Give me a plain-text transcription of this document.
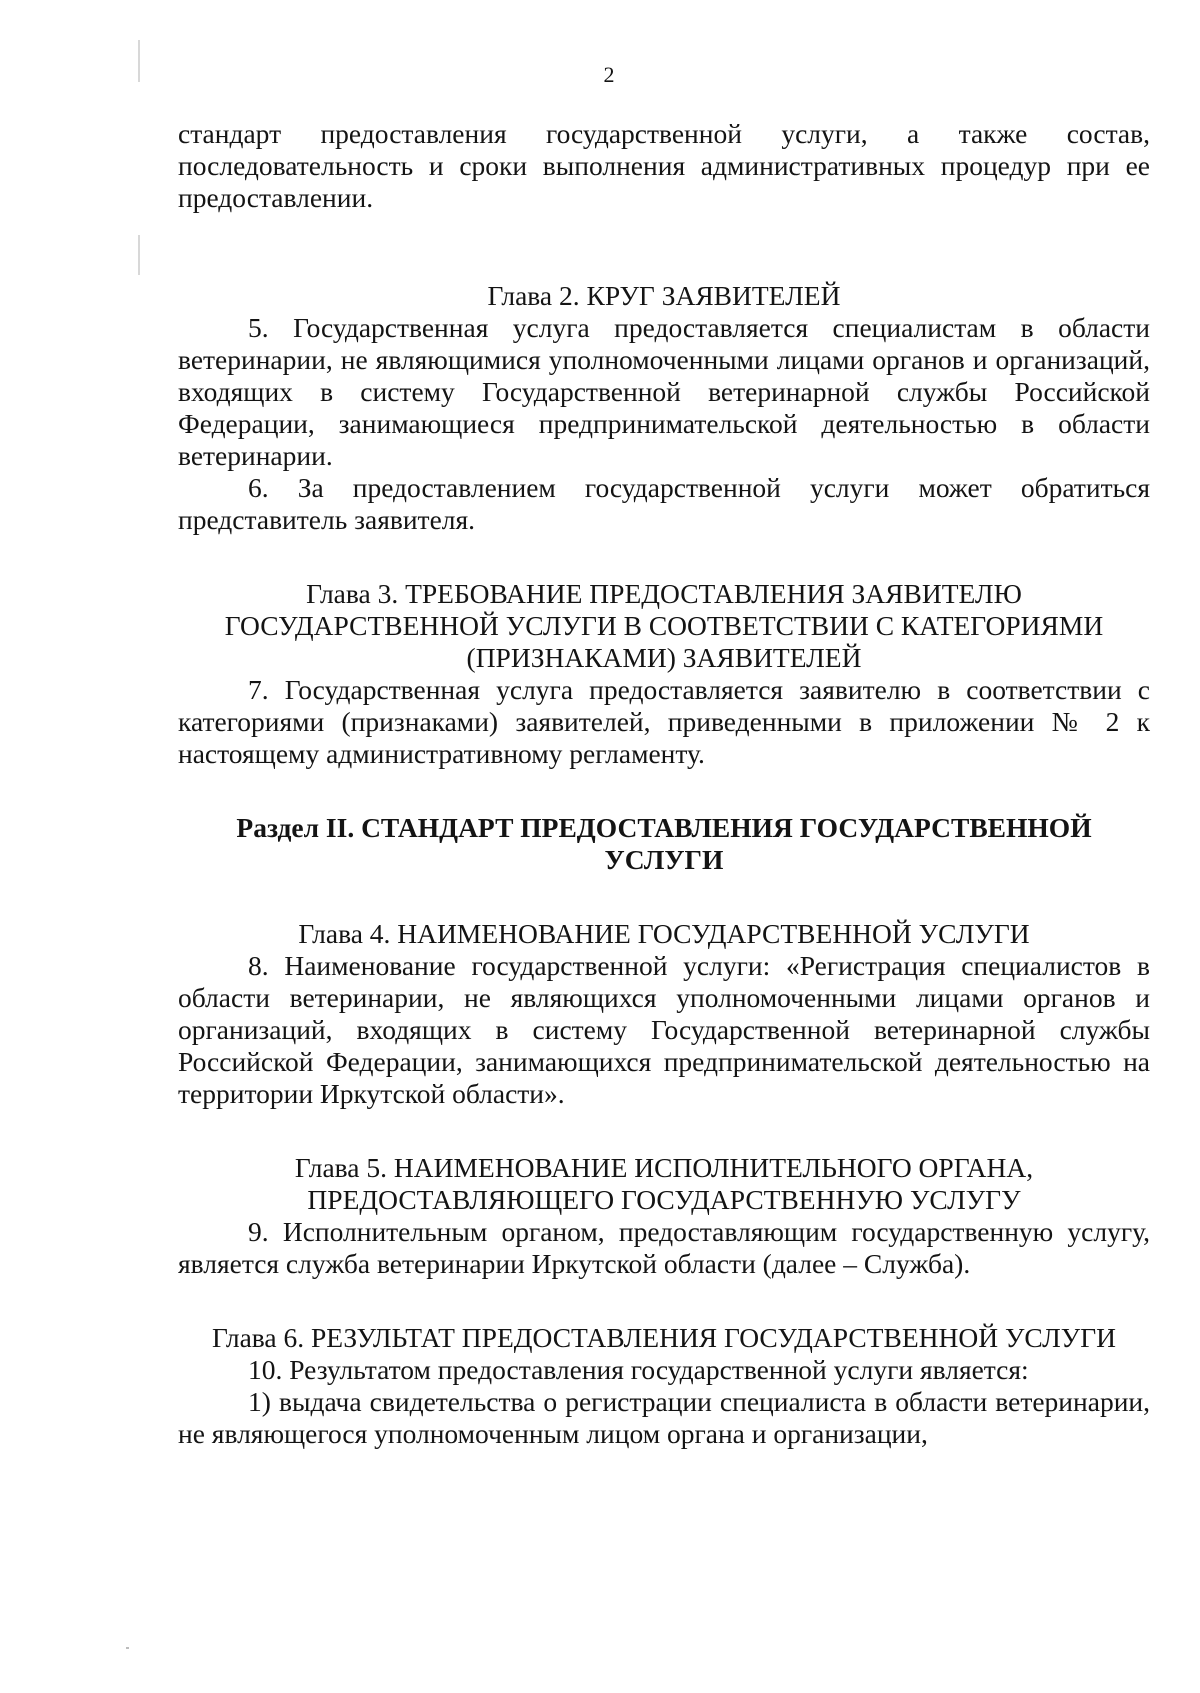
2

стандарт предоставления государственной услуги, а также состав, последовательность и сроки выполнения административных процедур при ее предоставлении.

Глава 2. КРУГ ЗАЯВИТЕЛЕЙ

5. Государственная услуга предоставляется специалистам в области ветеринарии, не являющимися уполномоченными лицами органов и организаций, входящих в систему Государственной ветеринарной службы Российской Федерации, занимающиеся предпринимательской деятельностью в области ветеринарии.

6. За предоставлением государственной услуги может обратиться представитель заявителя.

Глава 3. ТРЕБОВАНИЕ ПРЕДОСТАВЛЕНИЯ ЗАЯВИТЕЛЮ ГОСУДАРСТВЕННОЙ УСЛУГИ В СООТВЕТСТВИИ С КАТЕГОРИЯМИ (ПРИЗНАКАМИ) ЗАЯВИТЕЛЕЙ

7. Государственная услуга предоставляется заявителю в соответствии с категориями (признаками) заявителей, приведенными в приложении № 2 к настоящему административному регламенту.

Раздел II. СТАНДАРТ ПРЕДОСТАВЛЕНИЯ ГОСУДАРСТВЕННОЙ УСЛУГИ
Глава 4. НАИМЕНОВАНИЕ ГОСУДАРСТВЕННОЙ УСЛУГИ

8. Наименование государственной услуги: «Регистрация специалистов в области ветеринарии, не являющихся уполномоченными лицами органов и организаций, входящих в систему Государственной ветеринарной службы Российской Федерации, занимающихся предпринимательской деятельностью на территории Иркутской области».

Глава 5. НАИМЕНОВАНИЕ ИСПОЛНИТЕЛЬНОГО ОРГАНА, ПРЕДОСТАВЛЯЮЩЕГО ГОСУДАРСТВЕННУЮ УСЛУГУ

9. Исполнительным органом, предоставляющим государственную услугу, является служба ветеринарии Иркутской области (далее – Служба).

Глава 6. РЕЗУЛЬТАТ ПРЕДОСТАВЛЕНИЯ ГОСУДАРСТВЕННОЙ УСЛУГИ

10. Результатом предоставления государственной услуги является:

1) выдача свидетельства о регистрации специалиста в области ветеринарии, не являющегося уполномоченным лицом органа и организации,
